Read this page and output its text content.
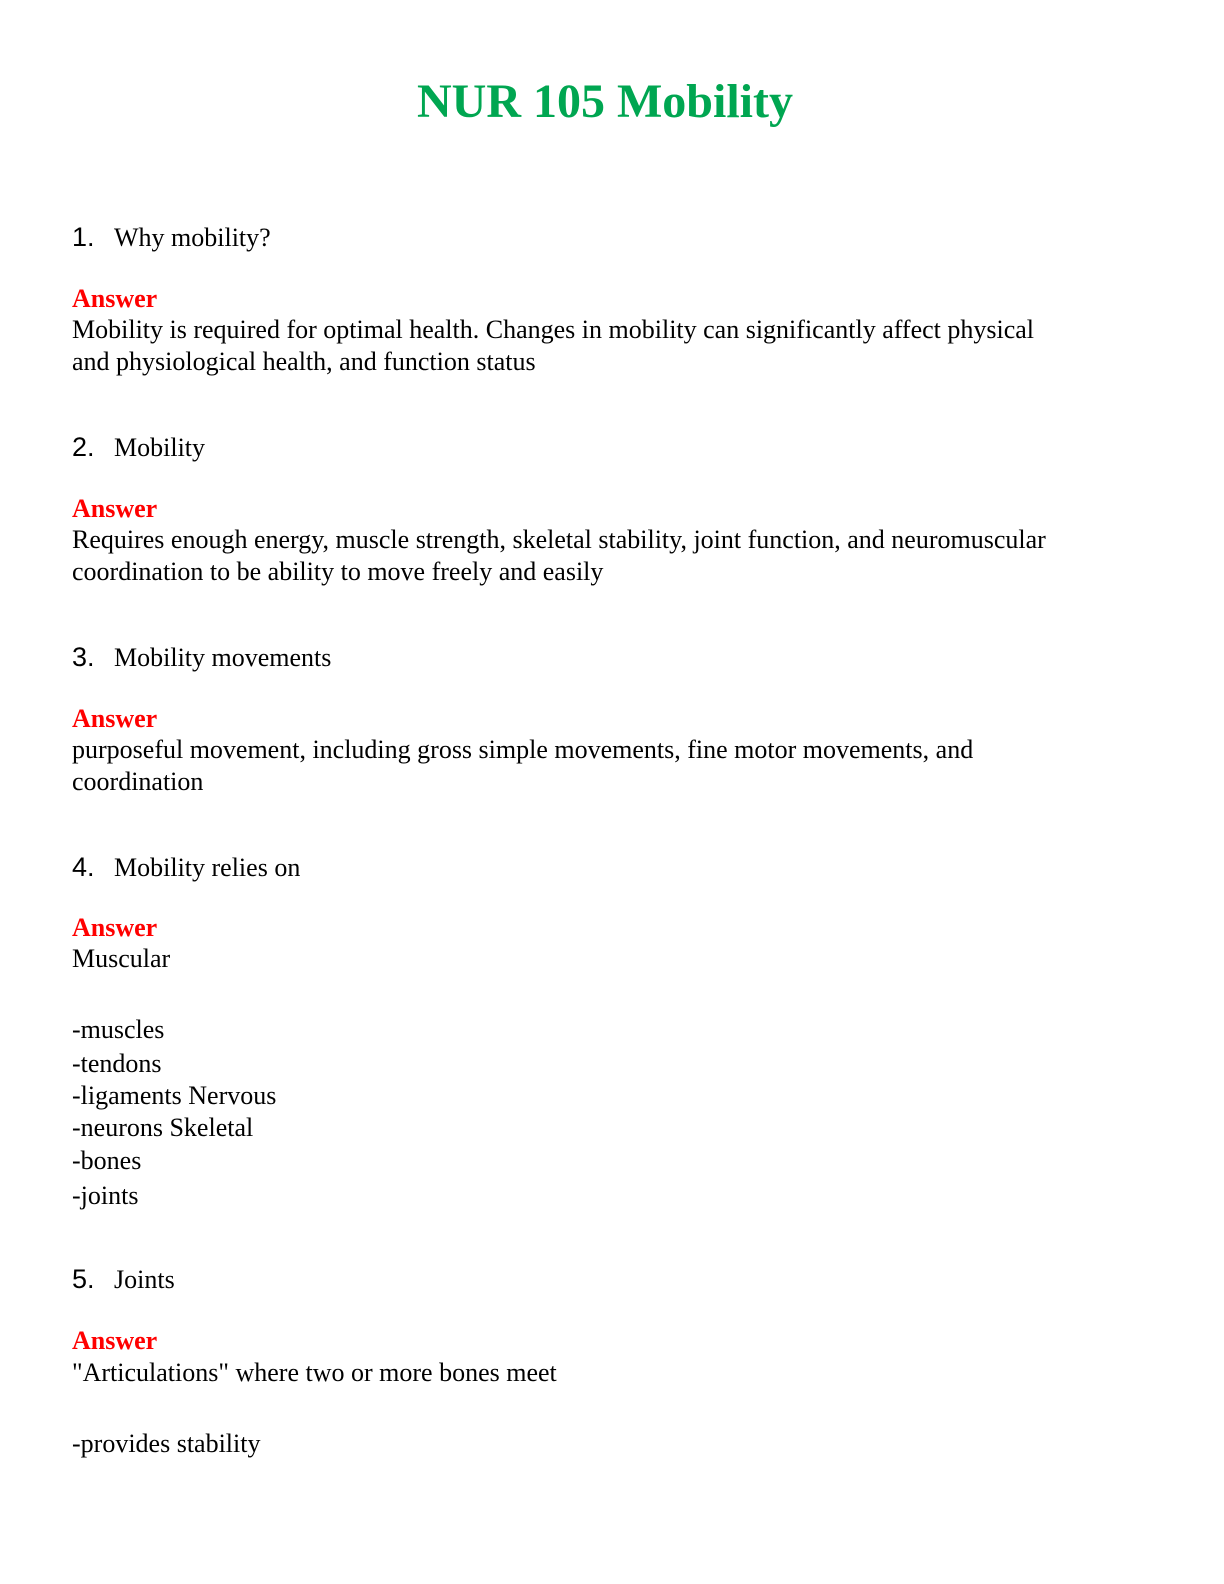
NUR 105 Mobility
1. Why mobility?
Answer
Mobility is required for optimal health. Changes in mobility can significantly affect physical
and physiological health, and function status
2. Mobility
Answer
Requires enough energy, muscle strength, skeletal stability, joint function, and neuromuscular
coordination to be ability to move freely and easily
3. Mobility movements
Answer
purposeful movement, including gross simple movements, fine motor movements, and
coordination
4. Mobility relies on
Answer
Muscular
-muscles
-tendons
-ligaments Nervous
-neurons Skeletal
-bones
-joints
5. Joints
Answer
"Articulations" where two or more bones meet
-provides stability
